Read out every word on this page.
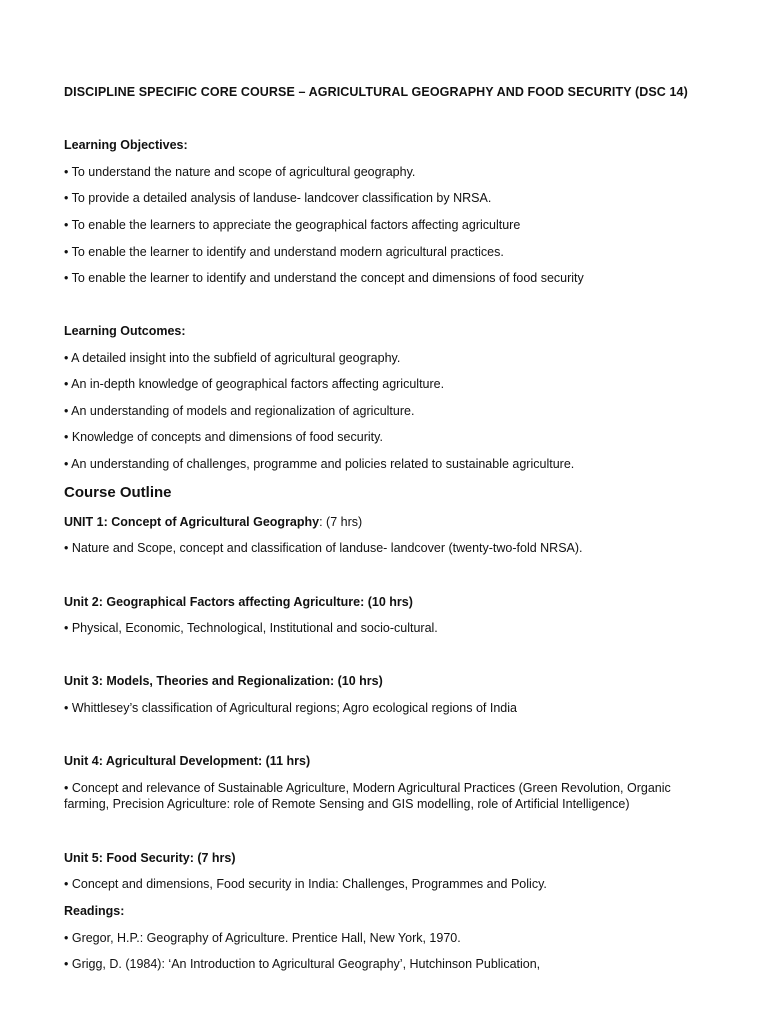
DISCIPLINE SPECIFIC CORE COURSE – AGRICULTURAL GEOGRAPHY AND FOOD SECURITY (DSC 14)
Learning Objectives:
• To understand the nature and scope of agricultural geography.
• To provide a detailed analysis of landuse- landcover classification by NRSA.
• To enable the learners to appreciate the geographical factors affecting agriculture
• To enable the learner to identify and understand modern agricultural practices.
• To enable the learner to identify and understand the concept and dimensions of food security
Learning Outcomes:
• A detailed insight into the subfield of agricultural geography.
• An in-depth knowledge of geographical factors affecting agriculture.
• An understanding of models and regionalization of agriculture.
• Knowledge of concepts and dimensions of food security.
• An understanding of challenges, programme and policies related to sustainable agriculture.
Course Outline
UNIT 1: Concept of Agricultural Geography: (7 hrs)
• Nature and Scope, concept and classification of landuse- landcover (twenty-two-fold NRSA).
Unit 2: Geographical Factors affecting Agriculture: (10 hrs)
• Physical, Economic, Technological, Institutional and socio-cultural.
Unit 3: Models, Theories and Regionalization: (10 hrs)
• Whittlesey’s classification of Agricultural regions; Agro ecological regions of India
Unit 4: Agricultural Development: (11 hrs)
• Concept and relevance of Sustainable Agriculture, Modern Agricultural Practices (Green Revolution, Organic farming, Precision Agriculture: role of Remote Sensing and GIS modelling, role of Artificial Intelligence)
Unit 5: Food Security: (7 hrs)
• Concept and dimensions, Food security in India: Challenges, Programmes and Policy.
Readings:
• Gregor, H.P.: Geography of Agriculture. Prentice Hall, New York, 1970.
• Grigg, D. (1984): ‘An Introduction to Agricultural Geography’, Hutchinson Publication,
